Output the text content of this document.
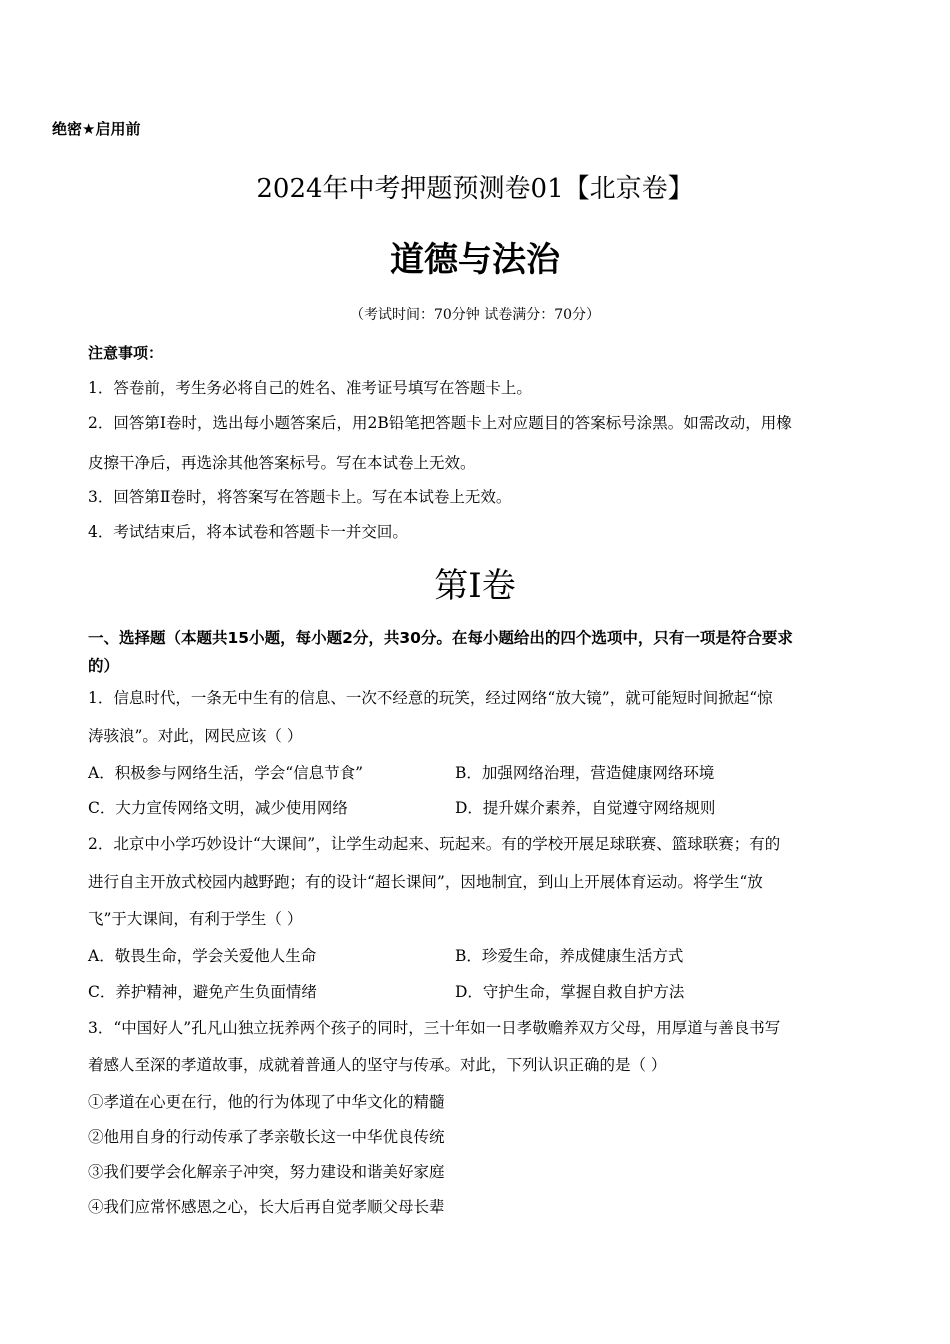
绝密★启用前
2024年中考押题预测卷01【北京卷】
道德与法治
（考试时间：70分钟 试卷满分：70分）
注意事项：
1．答卷前，考生务必将自己的姓名、准考证号填写在答题卡上。
2．回答第Ⅰ卷时，选出每小题答案后，用2B铅笔把答题卡上对应题目的答案标号涂黑。如需改动，用橡
皮擦干净后，再选涂其他答案标号。写在本试卷上无效。
3．回答第Ⅱ卷时，将答案写在答题卡上。写在本试卷上无效。
4．考试结束后，将本试卷和答题卡一并交回。
第Ⅰ卷
一、选择题（本题共15小题，每小题2分，共30分。在每小题给出的四个选项中，只有一项是符合要求
的）
1．信息时代，一条无中生有的信息、一次不经意的玩笑，经过网络“放大镜”，就可能短时间掀起“惊
涛骇浪”。对此，网民应该（ ）
A．积极参与网络生活，学会“信息节食”	B．加强网络治理，营造健康网络环境
C．大力宣传网络文明，减少使用网络	D．提升媒介素养，自觉遵守网络规则
2．北京中小学巧妙设计“大课间”，让学生动起来、玩起来。有的学校开展足球联赛、篮球联赛；有的
进行自主开放式校园内越野跑；有的设计“超长课间”，因地制宜，到山上开展体育运动。将学生“放
飞”于大课间，有利于学生（ ）
A．敬畏生命，学会关爱他人生命	B．珍爱生命，养成健康生活方式
C．养护精神，避免产生负面情绪	D．守护生命，掌握自救自护方法
3．“中国好人”孔凡山独立抚养两个孩子的同时，三十年如一日孝敬赡养双方父母，用厚道与善良书写
着感人至深的孝道故事，成就着普通人的坚守与传承。对此，下列认识正确的是（ ）
①孝道在心更在行，他的行为体现了中华文化的精髓
②他用自身的行动传承了孝亲敬长这一中华优良传统
③我们要学会化解亲子冲突，努力建设和谐美好家庭
④我们应常怀感恩之心，长大后再自觉孝顺父母长辈
